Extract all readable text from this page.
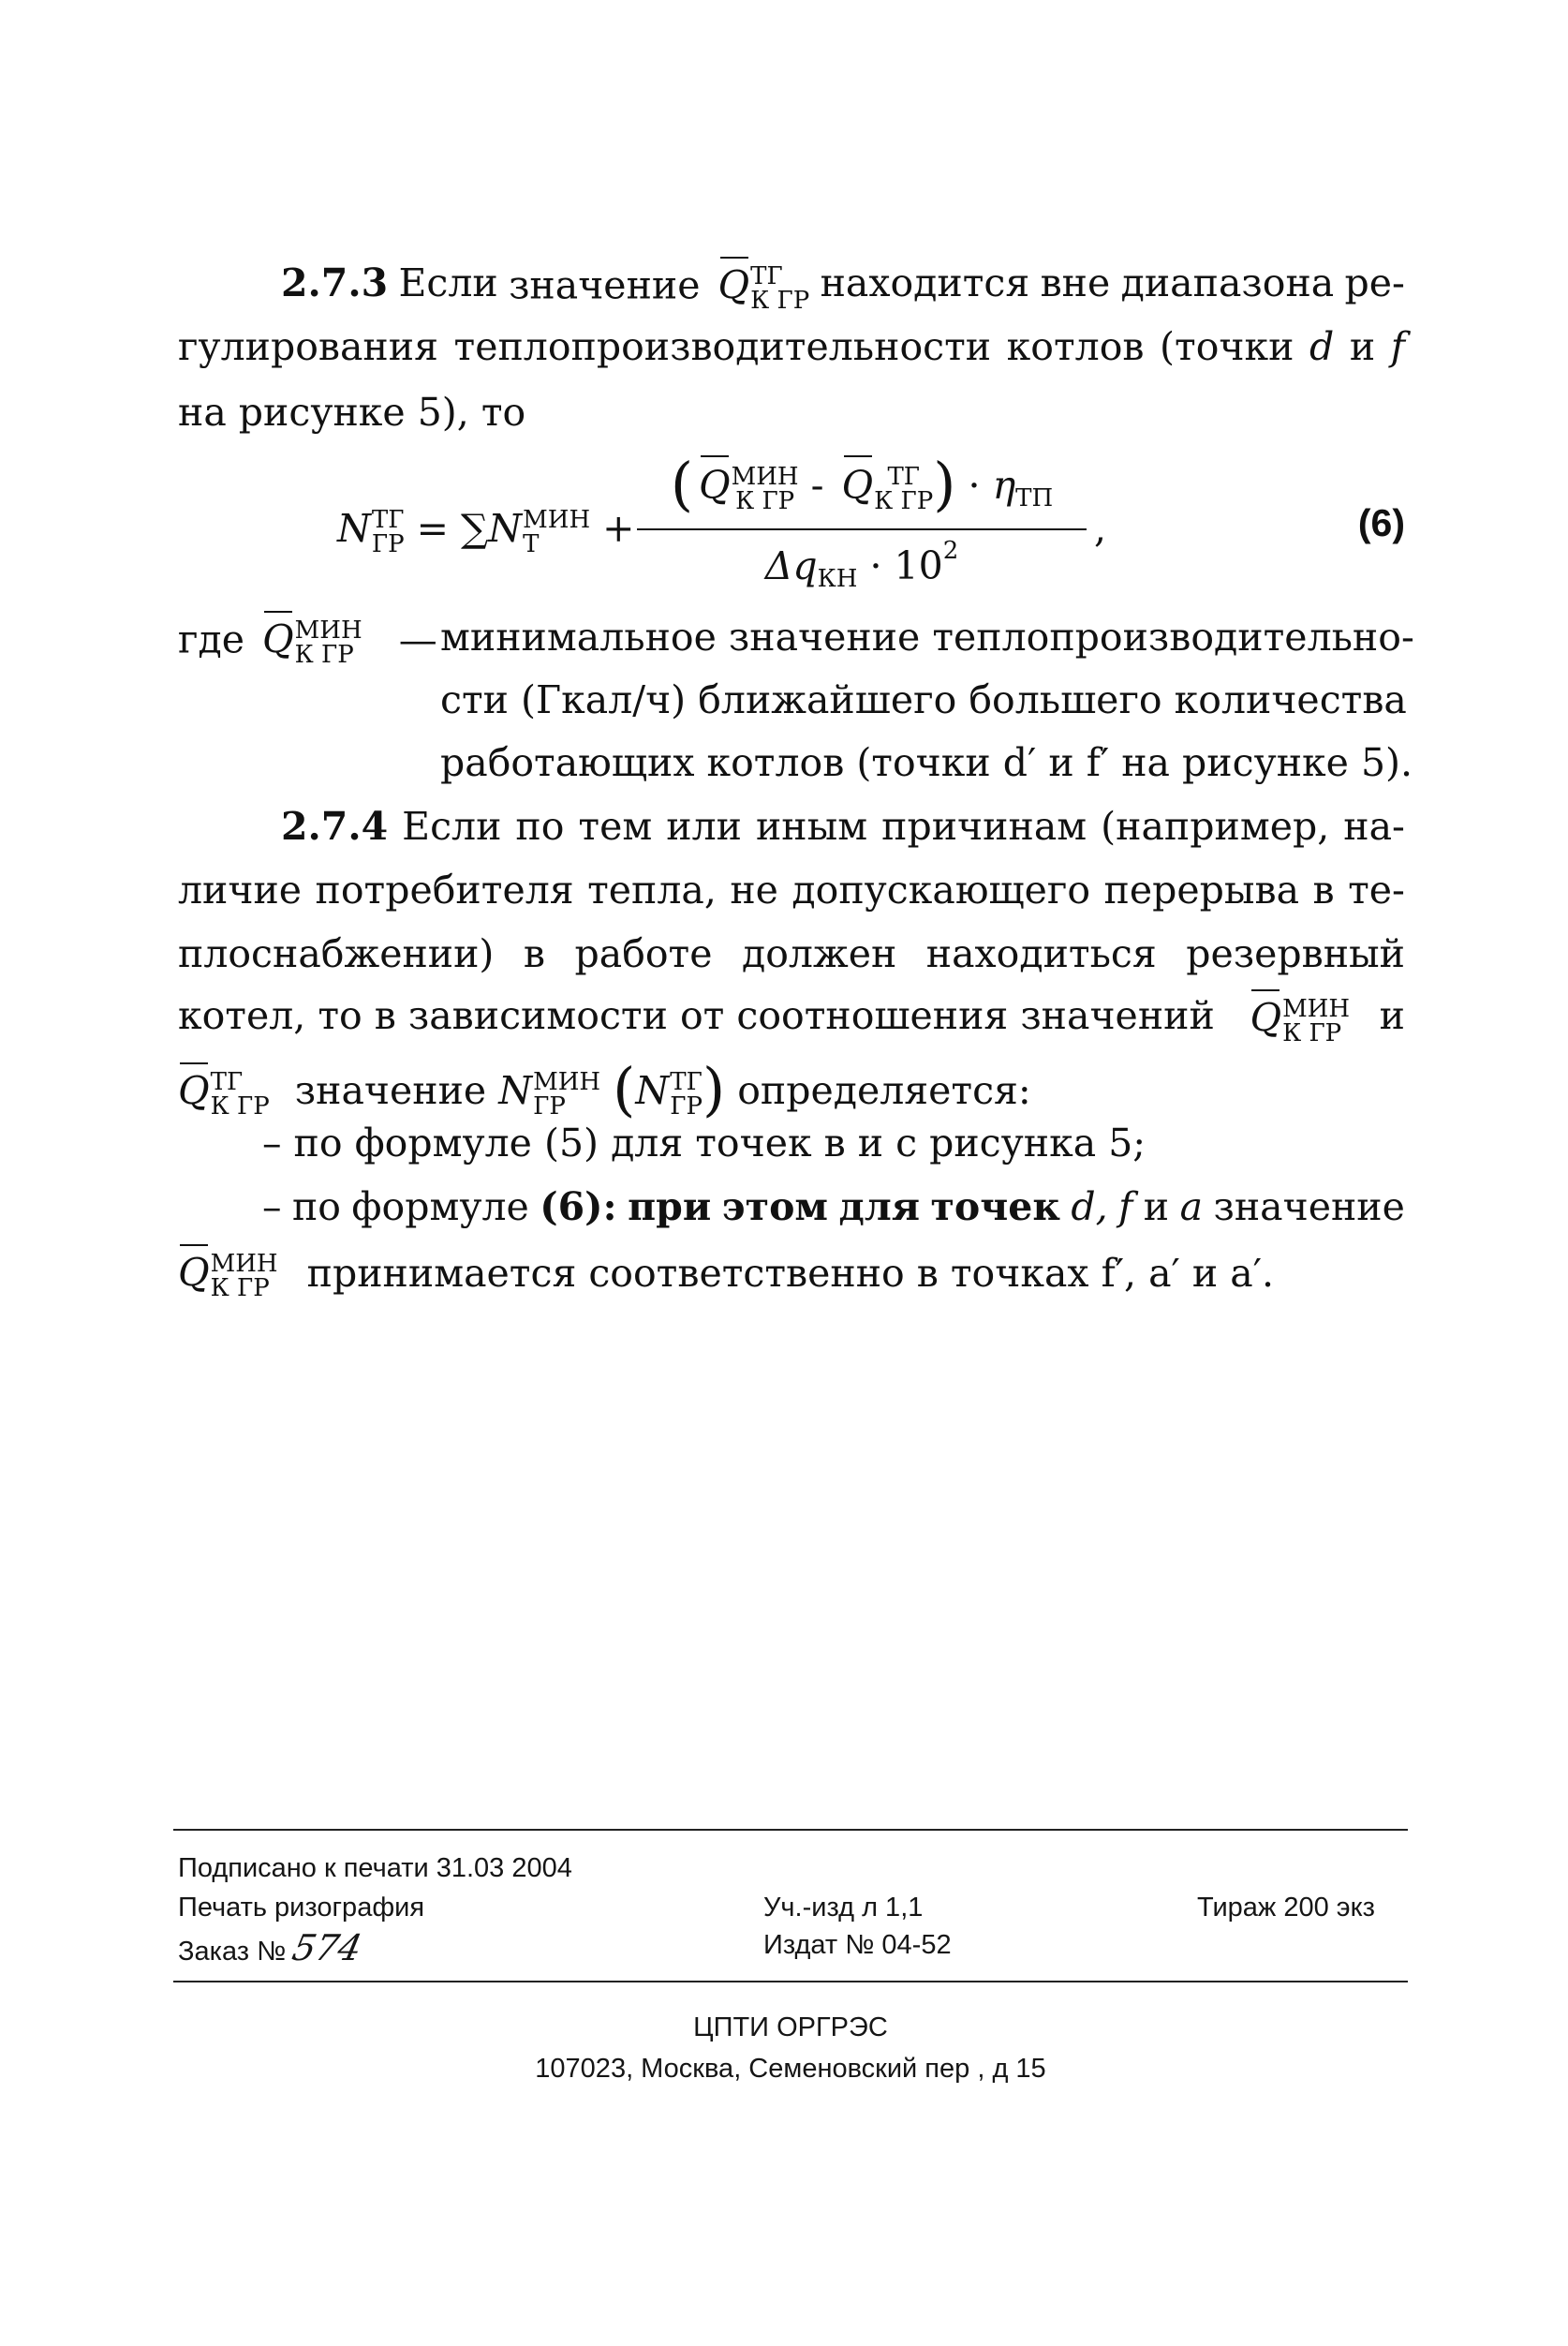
2.7.3 Если значение Q ТГ
К ГР находится вне диапазона ре-
гулирования теплопроизводительности котлов (точки d и f
на рисунке 5), то
N ТГ
ГР = ∑N МИН
Т	+
( Q МИН
К ГР -
Q ТГ
К ГР ) · ηТП
$\Delta qКН \cdot 10^2$	,	(6)
где Q МИН
К ГР — минимальное значение теплопроизводительно-
сти (Гкал/ч) ближайшего большего количества
работающих котлов (точки d′ и f′ на рисунке 5).
2.7.4 Если по тем или иным причинам (например, на-
личие потребителя тепла, не допускающего перерыва в те-
плоснабжении) в работе должен находиться резервный
котел, то в зависимости от соотношения значений Q МИН
К ГР и
Q ТГ
К ГР значение N МИН
ГР (N ТГ
ГР ) определяется:
– по формуле (5) для точек в и с рисунка 5;
– по формуле (6): при этом для точек d, f и a значение
Q МИН
К ГР принимается соответственно в точках f′, a′ и a′.
Подписано к печати 31.03 2004
Печать ризография
Заказ №574
Уч.-изд л 1,1
Издат № 04-52
Тираж 200 экз
ЦПТИ ОРГРЭС
107023, Москва, Семеновский пер , д 15
